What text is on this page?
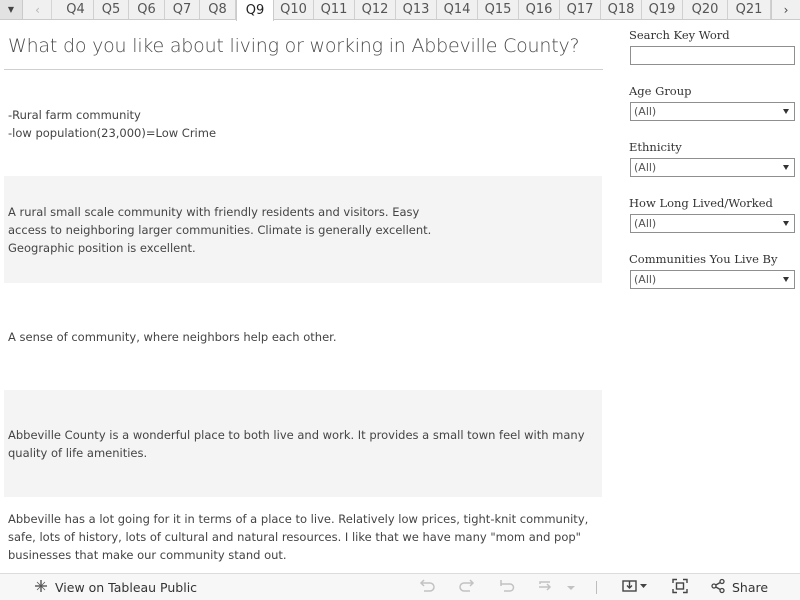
▼ ‹	Q4	Q5	Q6	Q7	Q8	Q9	Q10	Q11	Q12	Q13	Q14	Q15	Q16	Q17	Q18	Q19	Q20	Q21	›
What do you like about living or working in Abbeville County?
-Rural farm community
-low population(23,000)=Low Crime
A rural small scale community with friendly residents and visitors. Easy
access to neighboring larger communities. Climate is generally excellent.
Geographic position is excellent.
A sense of community, where neighbors help each other.
Abbeville County is a wonderful place to both live and work. It provides a small town feel with many
quality of life amenities.
Abbeville has a lot going for it in terms of a place to live. Relatively low prices, tight-knit community,
safe, lots of history, lots of cultural and natural resources. I like that we have many "mom and pop"
businesses that make our community stand out.
Search Key Word
Age Group
(All)
Ethnicity
(All)
How Long Lived/Worked
(All)
Communities You Live By
(All)
View on Tableau Public	Share
